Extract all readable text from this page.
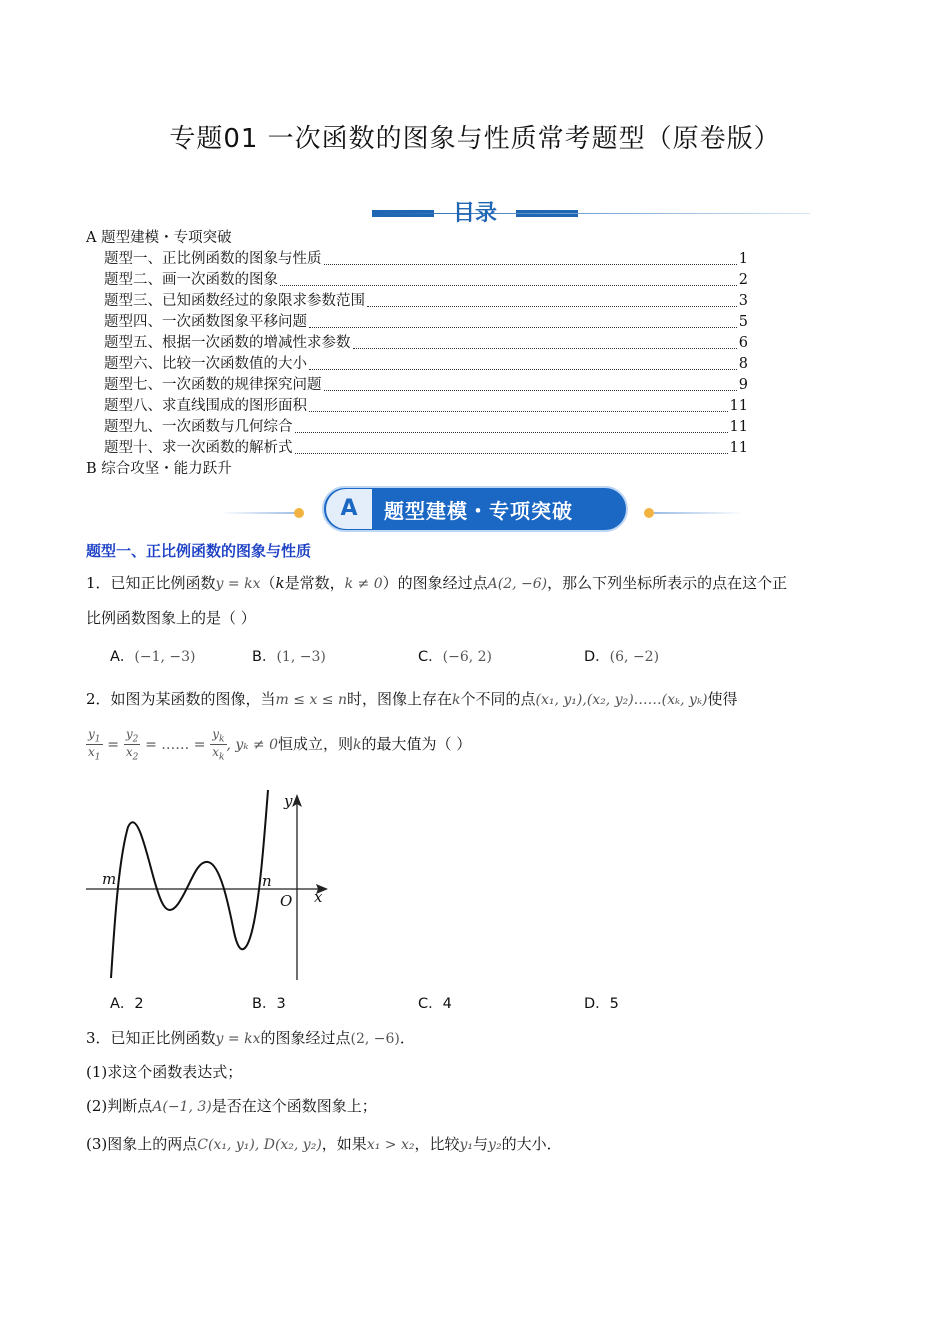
专题01 一次函数的图象与性质常考题型（原卷版）
目录
A 题型建模・专项突破
题型一、正比例函数的图象与性质	1
题型二、画一次函数的图象	2
题型三、已知函数经过的象限求参数范围	3
题型四、一次函数图象平移问题	5
题型五、根据一次函数的增减性求参数	6
题型六、比较一次函数值的大小	8
题型七、一次函数的规律探究问题	9
题型八、求直线围成的图形面积	11
题型九、一次函数与几何综合	11
题型十、求一次函数的解析式	11
B 综合攻坚・能力跃升
A	题型建模・专项突破
题型一、正比例函数的图象与性质
1．已知正比例函数y = kx（k是常数，k ≠ 0）的图象经过点A(2, −6)，那么下列坐标所表示的点在这个正
比例函数图象上的是（ ）
A．(−1, −3)	B．(1, −3)	C．(−6, 2)	D．(6, −2)
2．如图为某函数的图像，当m ≤ x ≤ n时，图像上存在k个不同的点(x₁, y₁),(x₂, y₂)……(xₖ, yₖ)使得
$\frac{y_1}{x_1} = \frac{y_2}{x_2}$ = …… = $\frac{y_k}{x_k}$ , yₖ ≠ 0恒成立，则k的最大值为（ ）
m	n
O x
y
A．2	B．3	C．4	D．5
3．已知正比例函数y = kx的图象经过点(2, −6)．
(1)求这个函数表达式；
(2)判断点A(−1, 3)是否在这个函数图象上；
(3)图象上的两点C(x₁, y₁), D(x₂, y₂)，如果x₁ > x₂，比较y₁与y₂的大小．
